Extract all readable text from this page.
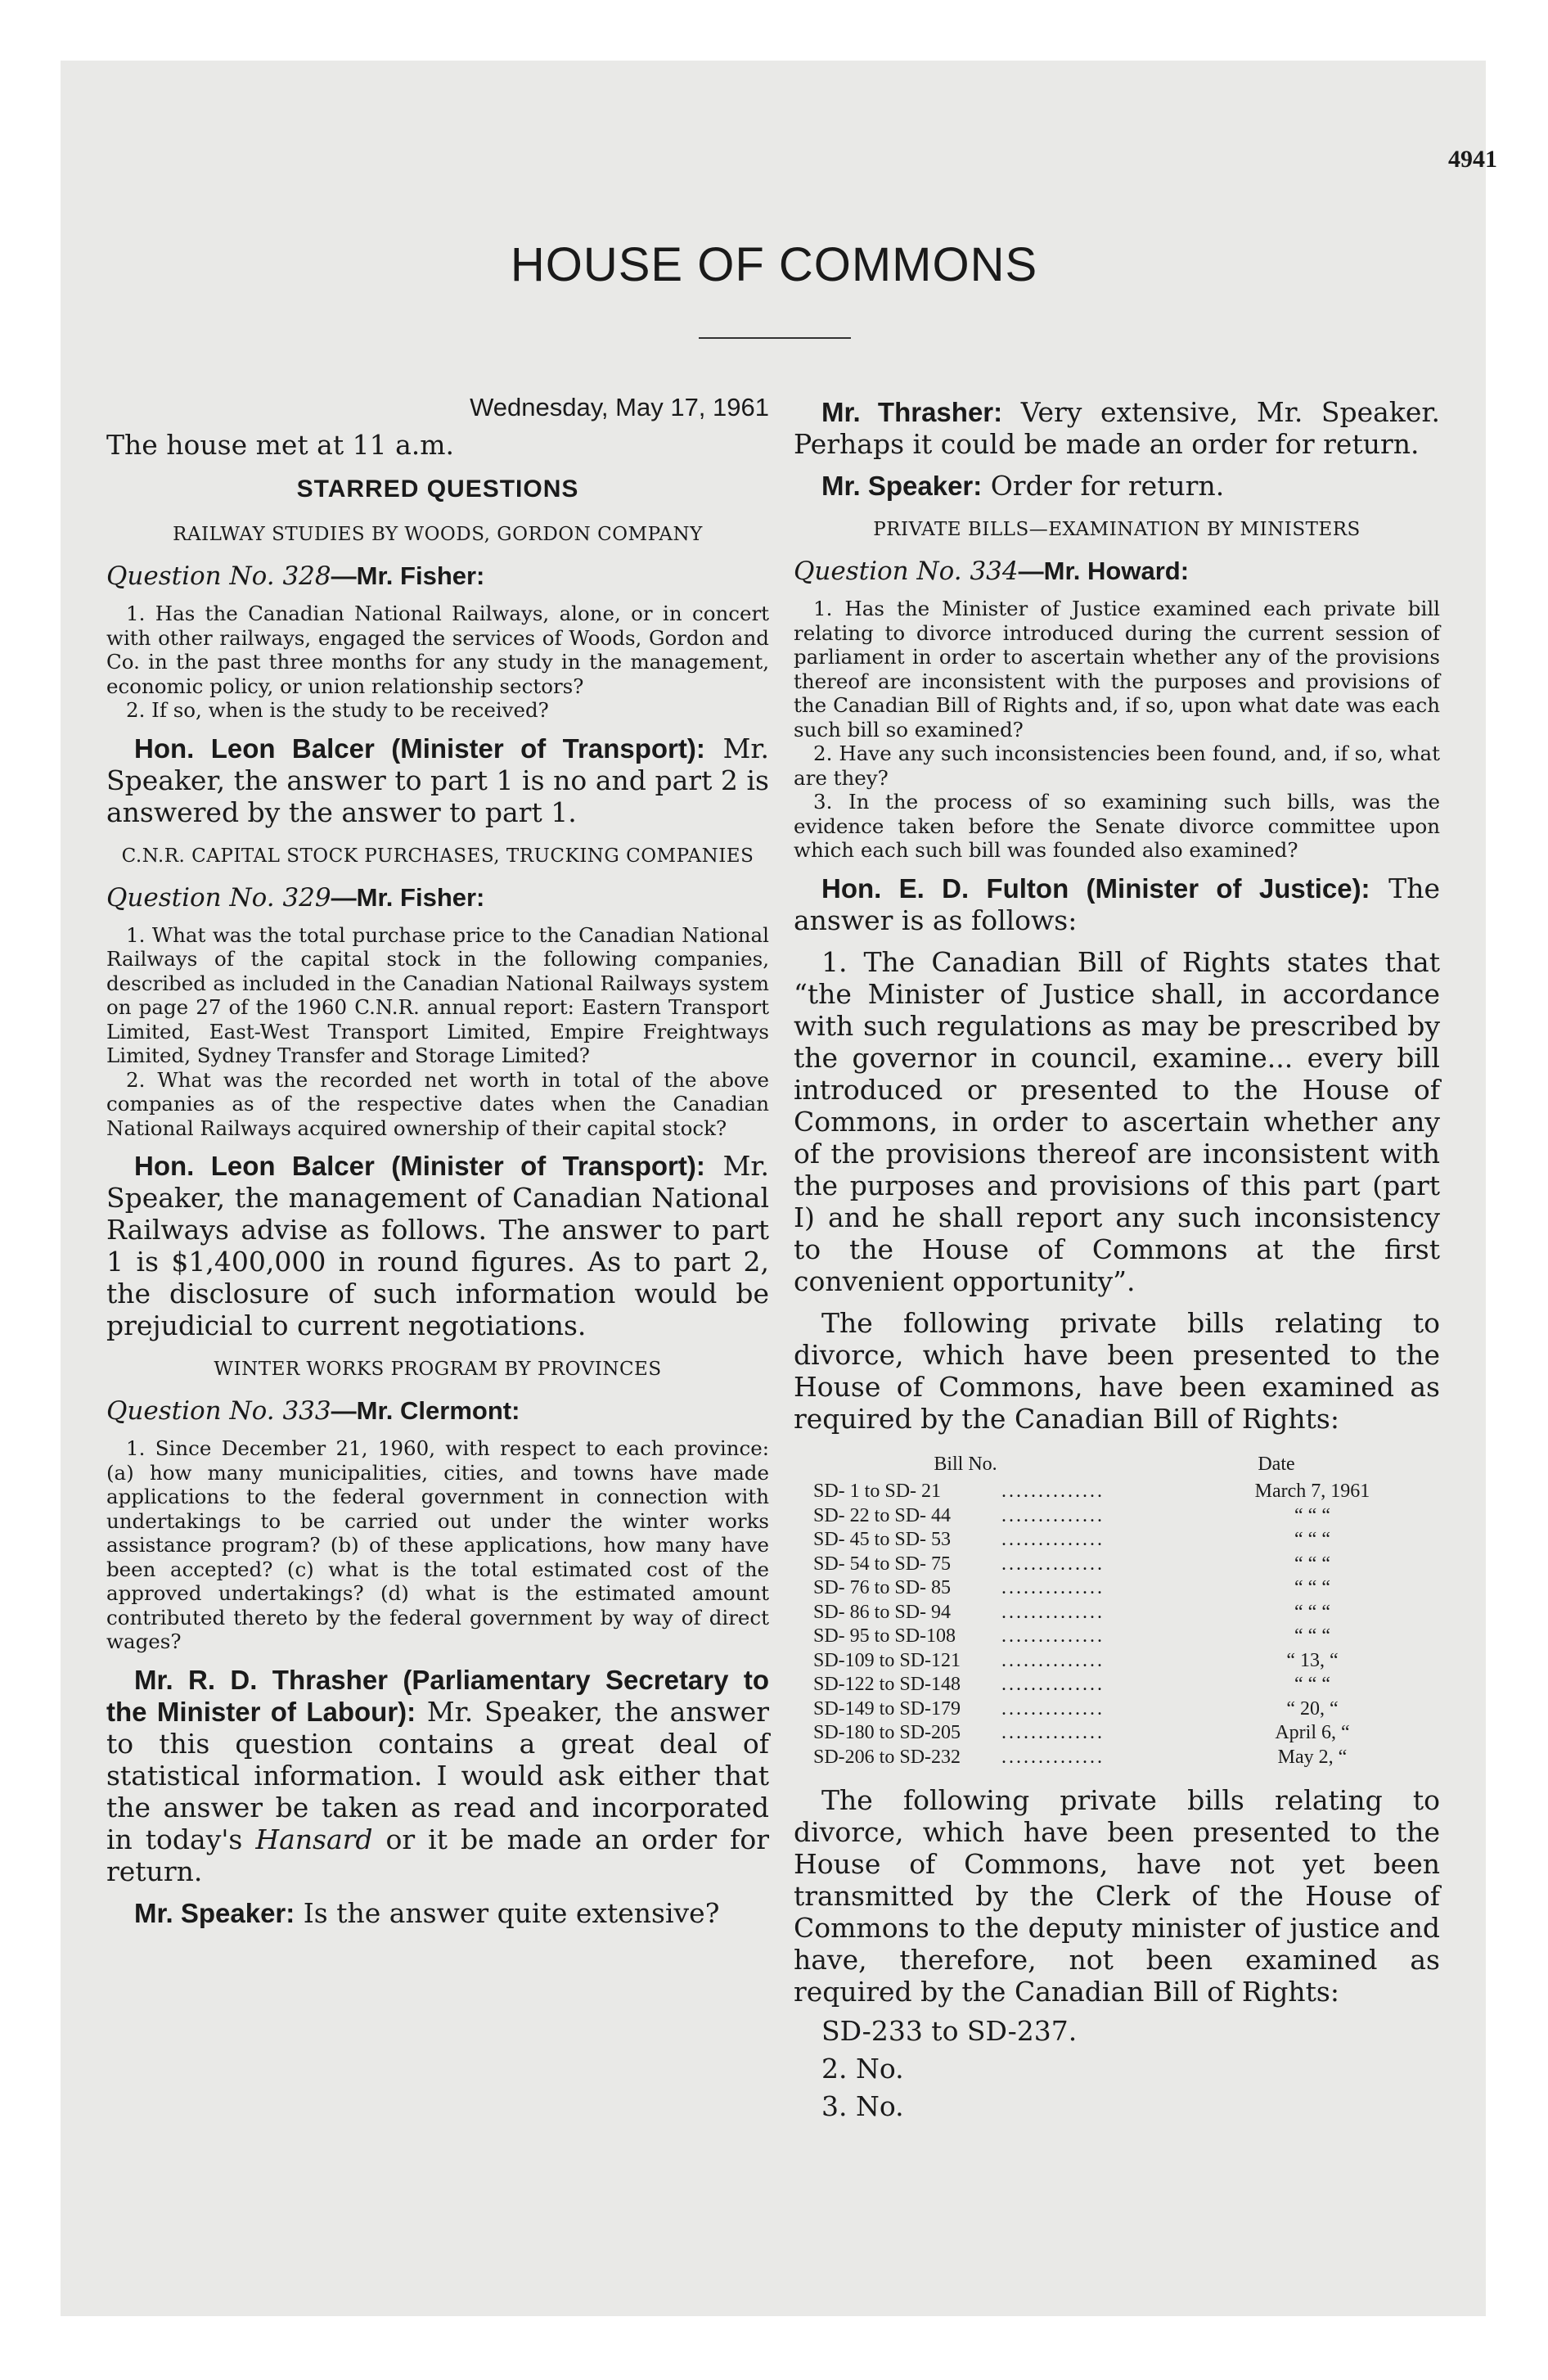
4941
HOUSE OF COMMONS

Wednesday, May 17, 1961

The house met at 11 a.m.

STARRED QUESTIONS

RAILWAY STUDIES BY WOODS, GORDON COMPANY

Question No. 328—Mr. Fisher:

1. Has the Canadian National Railways, alone, or in concert with other railways, engaged the services of Woods, Gordon and Co. in the past three months for any study in the management, economic policy, or union relationship sectors?

2. If so, when is the study to be received?

Hon. Leon Balcer (Minister of Transport): Mr. Speaker, the answer to part 1 is no and part 2 is answered by the answer to part 1.

C.N.R. CAPITAL STOCK PURCHASES, TRUCKING COMPANIES

Question No. 329—Mr. Fisher:

1. What was the total purchase price to the Canadian National Railways of the capital stock in the following companies, described as included in the Canadian National Railways system on page 27 of the 1960 C.N.R. annual report: Eastern Transport Limited, East-West Transport Limited, Empire Freightways Limited, Sydney Transfer and Storage Limited?

2. What was the recorded net worth in total of the above companies as of the respective dates when the Canadian National Railways acquired ownership of their capital stock?

Hon. Leon Balcer (Minister of Transport): Mr. Speaker, the management of Canadian National Railways advise as follows. The answer to part 1 is $1,400,000 in round figures. As to part 2, the disclosure of such information would be prejudicial to current negotiations.

WINTER WORKS PROGRAM BY PROVINCES

Question No. 333—Mr. Clermont:

1. Since December 21, 1960, with respect to each province: (a) how many municipalities, cities, and towns have made applications to the federal government in connection with undertakings to be carried out under the winter works assistance program? (b) of these applications, how many have been accepted? (c) what is the total estimated cost of the approved undertakings? (d) what is the estimated amount contributed thereto by the federal government by way of direct wages?

Mr. R. D. Thrasher (Parliamentary Secretary to the Minister of Labour): Mr. Speaker, the answer to this question contains a great deal of statistical information. I would ask either that the answer be taken as read and incorporated in today's Hansard or it be made an order for return.

Mr. Speaker: Is the answer quite extensive?

Mr. Thrasher: Very extensive, Mr. Speaker. Perhaps it could be made an order for return.

Mr. Speaker: Order for return.

PRIVATE BILLS—EXAMINATION BY MINISTERS

Question No. 334—Mr. Howard:

1. Has the Minister of Justice examined each private bill relating to divorce introduced during the current session of parliament in order to ascertain whether any of the provisions thereof are inconsistent with the purposes and provisions of the Canadian Bill of Rights and, if so, upon what date was each such bill so examined?

2. Have any such inconsistencies been found, and, if so, what are they?

3. In the process of so examining such bills, was the evidence taken before the Senate divorce committee upon which each such bill was founded also examined?

Hon. E. D. Fulton (Minister of Justice): The answer is as follows:

1. The Canadian Bill of Rights states that “the Minister of Justice shall, in accordance with such regulations as may be prescribed by the governor in council, examine... every bill introduced or presented to the House of Commons, in order to ascertain whether any of the provisions thereof are inconsistent with the purposes and provisions of this part (part I) and he shall report any such inconsistency to the House of Commons at the first convenient opportunity”.

The following private bills relating to divorce, which have been presented to the House of Commons, have been examined as required by the Canadian Bill of Rights:

Bill No.	Date
SD- 1 to SD- 21	..............	March 7, 1961
SD- 22 to SD- 44	..............	“ “ “
SD- 45 to SD- 53	..............	“ “ “
SD- 54 to SD- 75	..............	“ “ “
SD- 76 to SD- 85	..............	“ “ “
SD- 86 to SD- 94	..............	“ “ “
SD- 95 to SD-108	..............	“ “ “
SD-109 to SD-121	..............	“ 13, “
SD-122 to SD-148	..............	“ “ “
SD-149 to SD-179	..............	“ 20, “
SD-180 to SD-205	..............	April 6, “
SD-206 to SD-232	..............	May 2, “

The following private bills relating to divorce, which have been presented to the House of Commons, have not yet been transmitted by the Clerk of the House of Commons to the deputy minister of justice and have, therefore, not been examined as required by the Canadian Bill of Rights:

SD-233 to SD-237.

2. No.

3. No.
